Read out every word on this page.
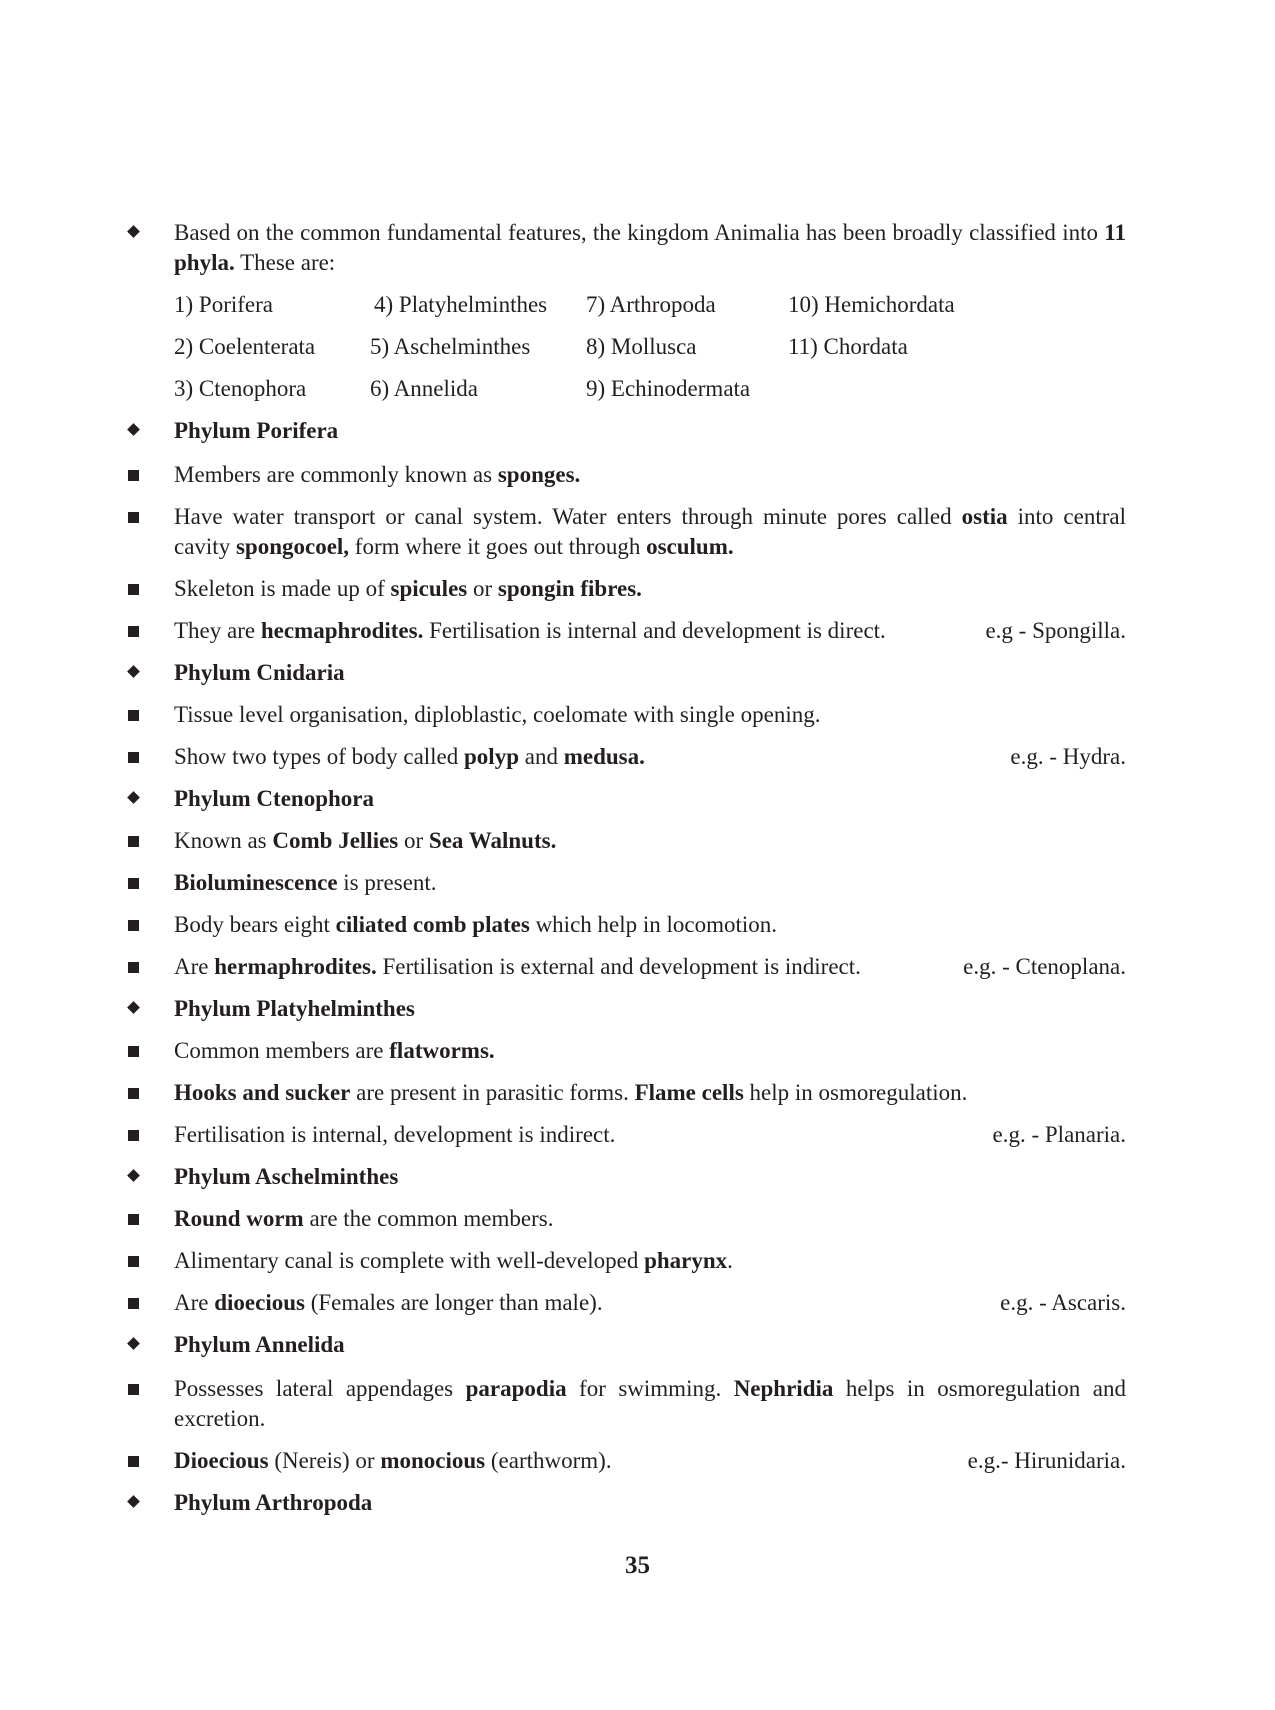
Based on the common fundamental features, the kingdom Animalia has been broadly classified into 11 phyla. These are:
1) Porifera	4) Platyhelminthes 7) Arthropoda	10) Hemichordata
2) Coelenterata 5) Aschelminthes 8) Mollusca	11) Chordata
3) Ctenophora	6) Annelida	9) Echinodermata
Phylum Porifera
Members are commonly known as sponges.
Have water transport or canal system. Water enters through minute pores called ostia into central cavity spongocoel, form where it goes out through osculum.
Skeleton is made up of spicules or spongin fibres.
e.g - Spongilla.
They are hecmaphrodites. Fertilisation is internal and development is direct.
Phylum Cnidaria
Tissue level organisation, diploblastic, coelomate with single opening.
e.g. - Hydra.
Show two types of body called polyp and medusa.
Phylum Ctenophora
Known as Comb Jellies or Sea Walnuts.
Bioluminescence is present.
Body bears eight ciliated comb plates which help in locomotion.
e.g. - Ctenoplana.
Are hermaphrodites. Fertilisation is external and development is indirect.
Phylum Platyhelminthes
Common members are flatworms.
Hooks and sucker are present in parasitic forms. Flame cells help in osmoregulation.
e.g. - Planaria.
Fertilisation is internal, development is indirect.
Phylum Aschelminthes
Round worm are the common members.
Alimentary canal is complete with well-developed pharynx.
e.g. - Ascaris.
Are dioecious (Females are longer than male).
Phylum Annelida
Possesses lateral appendages parapodia for swimming. Nephridia helps in osmoregulation and excretion.
e.g.- Hirunidaria.
Dioecious (Nereis) or monocious (earthworm).
Phylum Arthropoda
35
